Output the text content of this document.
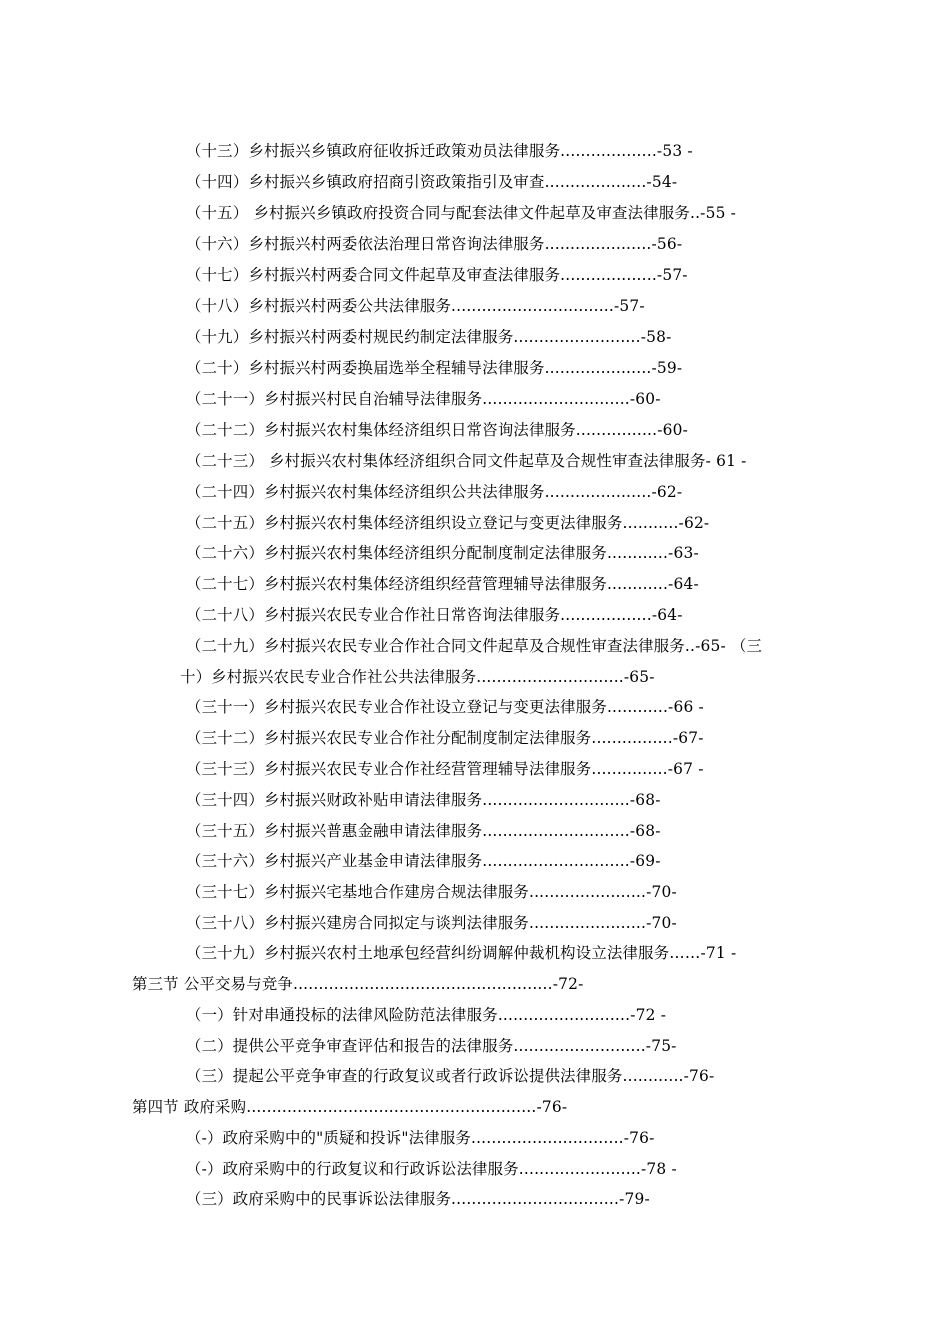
（十三）乡村振兴乡镇政府征收拆迁政策劝员法律服务...................-53 -
（十四）乡村振兴乡镇政府招商引资政策指引及审查....................-54-
（十五） 乡村振兴乡镇政府投资合同与配套法律文件起草及审查法律服务..-55 -
（十六）乡村振兴村两委依法治理日常咨询法律服务.....................-56-
（十七）乡村振兴村两委合同文件起草及审查法律服务...................-57-
（十八）乡村振兴村两委公共法律服务................................-57-
（十九）乡村振兴村两委村规民约制定法律服务.........................-58-
（二十）乡村振兴村两委换届选举全程辅导法律服务.....................-59-
（二十一）乡村振兴村民自治辅导法律服务.............................-60-
（二十二）乡村振兴农村集体经济组织日常咨询法律服务................-60-
（二十三） 乡村振兴农村集体经济组织合同文件起草及合规性审查法律服务- 61 -
（二十四）乡村振兴农村集体经济组织公共法律服务.....................-62-
（二十五）乡村振兴农村集体经济组织设立登记与变更法律服务...........-62-
（二十六）乡村振兴农村集体经济组织分配制度制定法律服务............-63-
（二十七）乡村振兴农村集体经济组织经营管理辅导法律服务............-64-
（二十八）乡村振兴农民专业合作社日常咨询法律服务..................-64-
（二十九）乡村振兴农民专业合作社合同文件起草及合规性审查法律服务..-65- （三
十）乡村振兴农民专业合作社公共法律服务.............................-65-
（三十一）乡村振兴农民专业合作社设立登记与变更法律服务............-66 -
（三十二）乡村振兴农民专业合作社分配制度制定法律服务................-67-
（三十三）乡村振兴农民专业合作社经营管理辅导法律服务...............-67 -
（三十四）乡村振兴财政补贴申请法律服务.............................-68-
（三十五）乡村振兴普惠金融申请法律服务.............................-68-
（三十六）乡村振兴产业基金申请法律服务.............................-69-
（三十七）乡村振兴宅基地合作建房合规法律服务.......................-70-
（三十八）乡村振兴建房合同拟定与谈判法律服务.......................-70-
（三十九）乡村振兴农村土地承包经营纠纷调解仲裁机构设立法律服务……-71 -
第三节 公平交易与竞争...................................................-72-
（一）针对串通投标的法律风险防范法律服务..........................-72 -
（二）提供公平竞争审查评估和报告的法律服务..........................-75-
（三）提起公平竞争审查的行政复议或者行政诉讼提供法律服务............-76-
第四节 政府采购.........................................................-76-
（-）政府采购中的"质疑和投诉"法律服务..............................-76-
（-）政府采购中的行政复议和行政诉讼法律服务........................-78 -
（三）政府采购中的民事诉讼法律服务.................................-79-
